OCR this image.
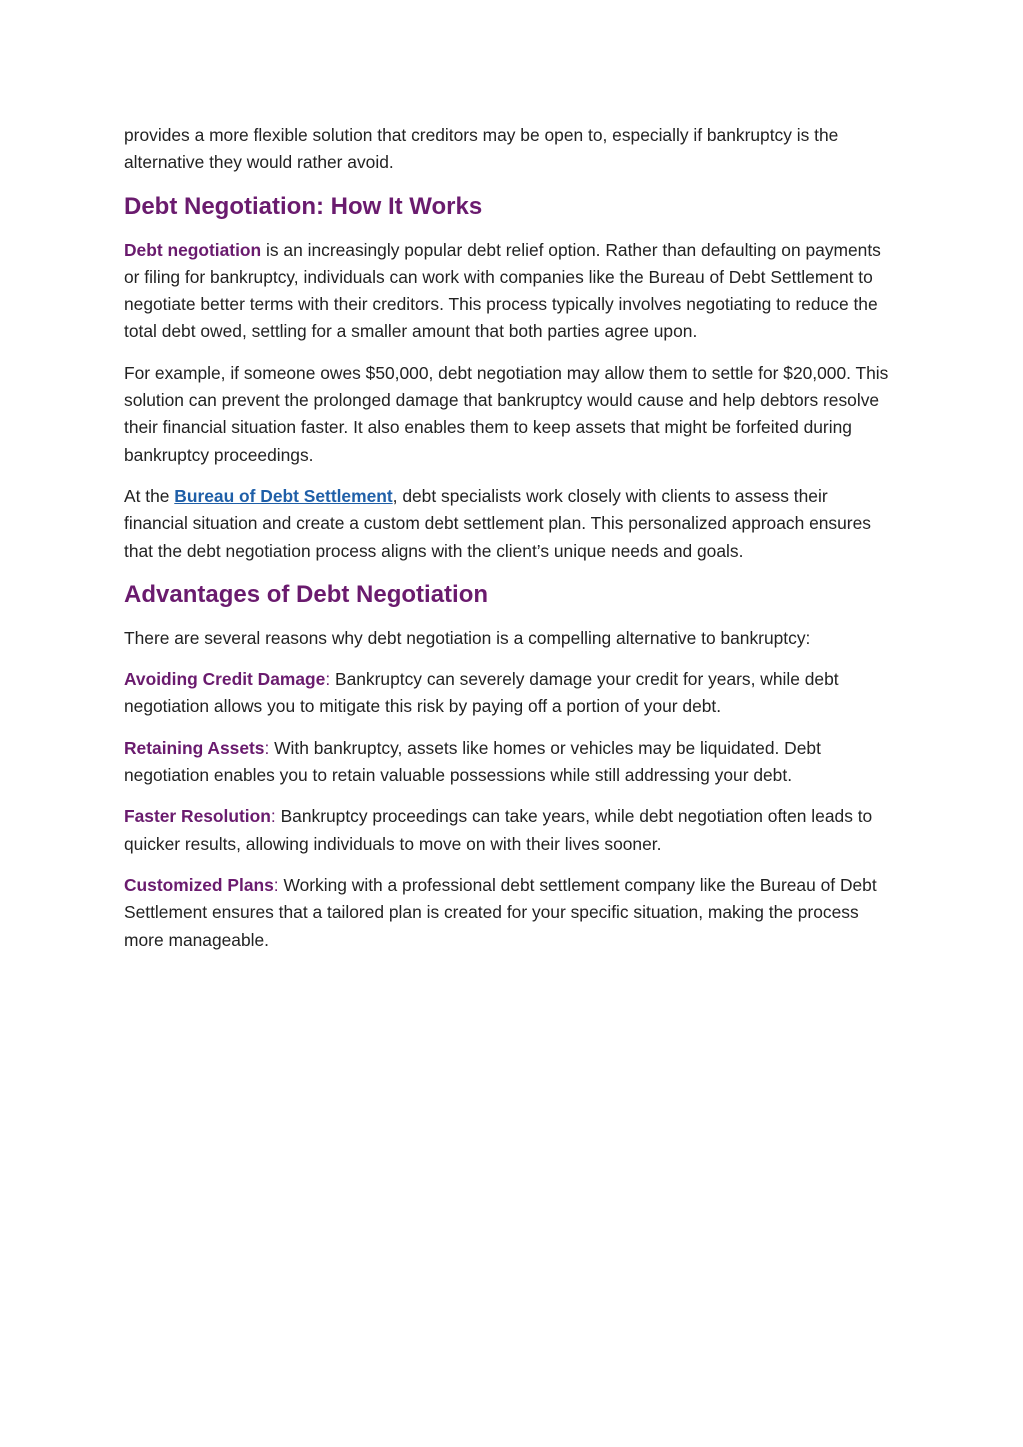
provides a more flexible solution that creditors may be open to, especially if bankruptcy is the alternative they would rather avoid.

Debt Negotiation: How It Works

Debt negotiation is an increasingly popular debt relief option. Rather than defaulting on payments or filing for bankruptcy, individuals can work with companies like the Bureau of Debt Settlement to negotiate better terms with their creditors. This process typically involves negotiating to reduce the total debt owed, settling for a smaller amount that both parties agree upon.

For example, if someone owes $50,000, debt negotiation may allow them to settle for $20,000. This solution can prevent the prolonged damage that bankruptcy would cause and help debtors resolve their financial situation faster. It also enables them to keep assets that might be forfeited during bankruptcy proceedings.

At the Bureau of Debt Settlement, debt specialists work closely with clients to assess their financial situation and create a custom debt settlement plan. This personalized approach ensures that the debt negotiation process aligns with the client’s unique needs and goals.

Advantages of Debt Negotiation

There are several reasons why debt negotiation is a compelling alternative to bankruptcy:

Avoiding Credit Damage: Bankruptcy can severely damage your credit for years, while debt negotiation allows you to mitigate this risk by paying off a portion of your debt.

Retaining Assets: With bankruptcy, assets like homes or vehicles may be liquidated. Debt negotiation enables you to retain valuable possessions while still addressing your debt.

Faster Resolution: Bankruptcy proceedings can take years, while debt negotiation often leads to quicker results, allowing individuals to move on with their lives sooner.

Customized Plans: Working with a professional debt settlement company like the Bureau of Debt Settlement ensures that a tailored plan is created for your specific situation, making the process more manageable.
